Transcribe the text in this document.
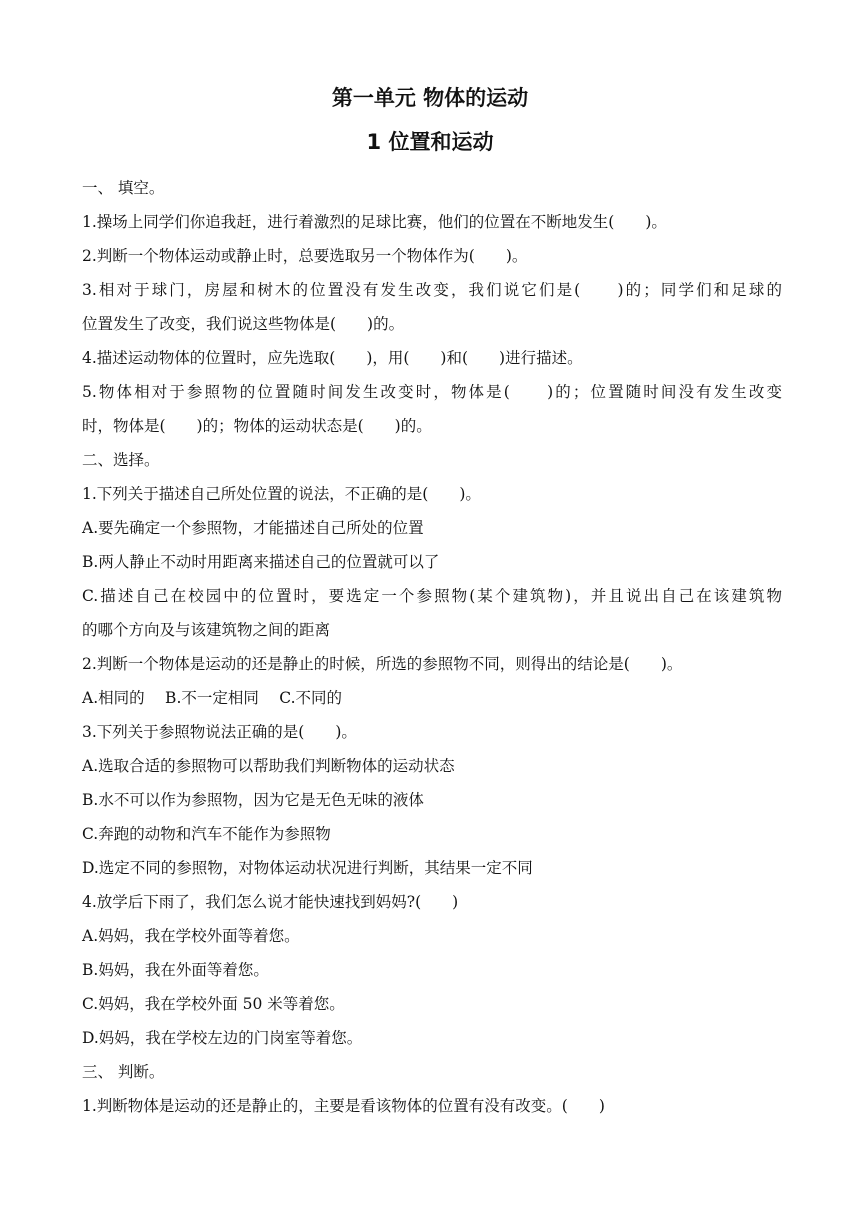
第一单元 物体的运动
1 位置和运动
一、 填空。
1.操场上同学们你追我赶，进行着激烈的足球比赛，他们的位置在不断地发生(　　)。
2.判断一个物体运动或静止时，总要选取另一个物体作为(　　)。
3.相对于球门，房屋和树木的位置没有发生改变，我们说它们是(　　)的；同学们和足球的
位置发生了改变，我们说这些物体是(　　)的。
4.描述运动物体的位置时，应先选取(　　)，用(　　)和(　　)进行描述。
5.物体相对于参照物的位置随时间发生改变时，物体是(　　)的；位置随时间没有发生改变
时，物体是(　　)的；物体的运动状态是(　　)的。
二、选择。
1.下列关于描述自己所处位置的说法，不正确的是(　　)。
A.要先确定一个参照物，才能描述自己所处的位置
B.两人静止不动时用距离来描述自己的位置就可以了
C.描述自己在校园中的位置时，要选定一个参照物(某个建筑物)，并且说出自己在该建筑物
的哪个方向及与该建筑物之间的距离
2.判断一个物体是运动的还是静止的时候，所选的参照物不同，则得出的结论是(　　)。
A.相同的　 B.不一定相同　 C.不同的
3.下列关于参照物说法正确的是(　　)。
A.选取合适的参照物可以帮助我们判断物体的运动状态
B.水不可以作为参照物，因为它是无色无味的液体
C.奔跑的动物和汽车不能作为参照物
D.选定不同的参照物，对物体运动状况进行判断，其结果一定不同
4.放学后下雨了，我们怎么说才能快速找到妈妈?(　　)
A.妈妈，我在学校外面等着您。
B.妈妈，我在外面等着您。
C.妈妈，我在学校外面 50 米等着您。
D.妈妈，我在学校左边的门岗室等着您。
三、 判断。
1.判断物体是运动的还是静止的，主要是看该物体的位置有没有改变。(　　)
